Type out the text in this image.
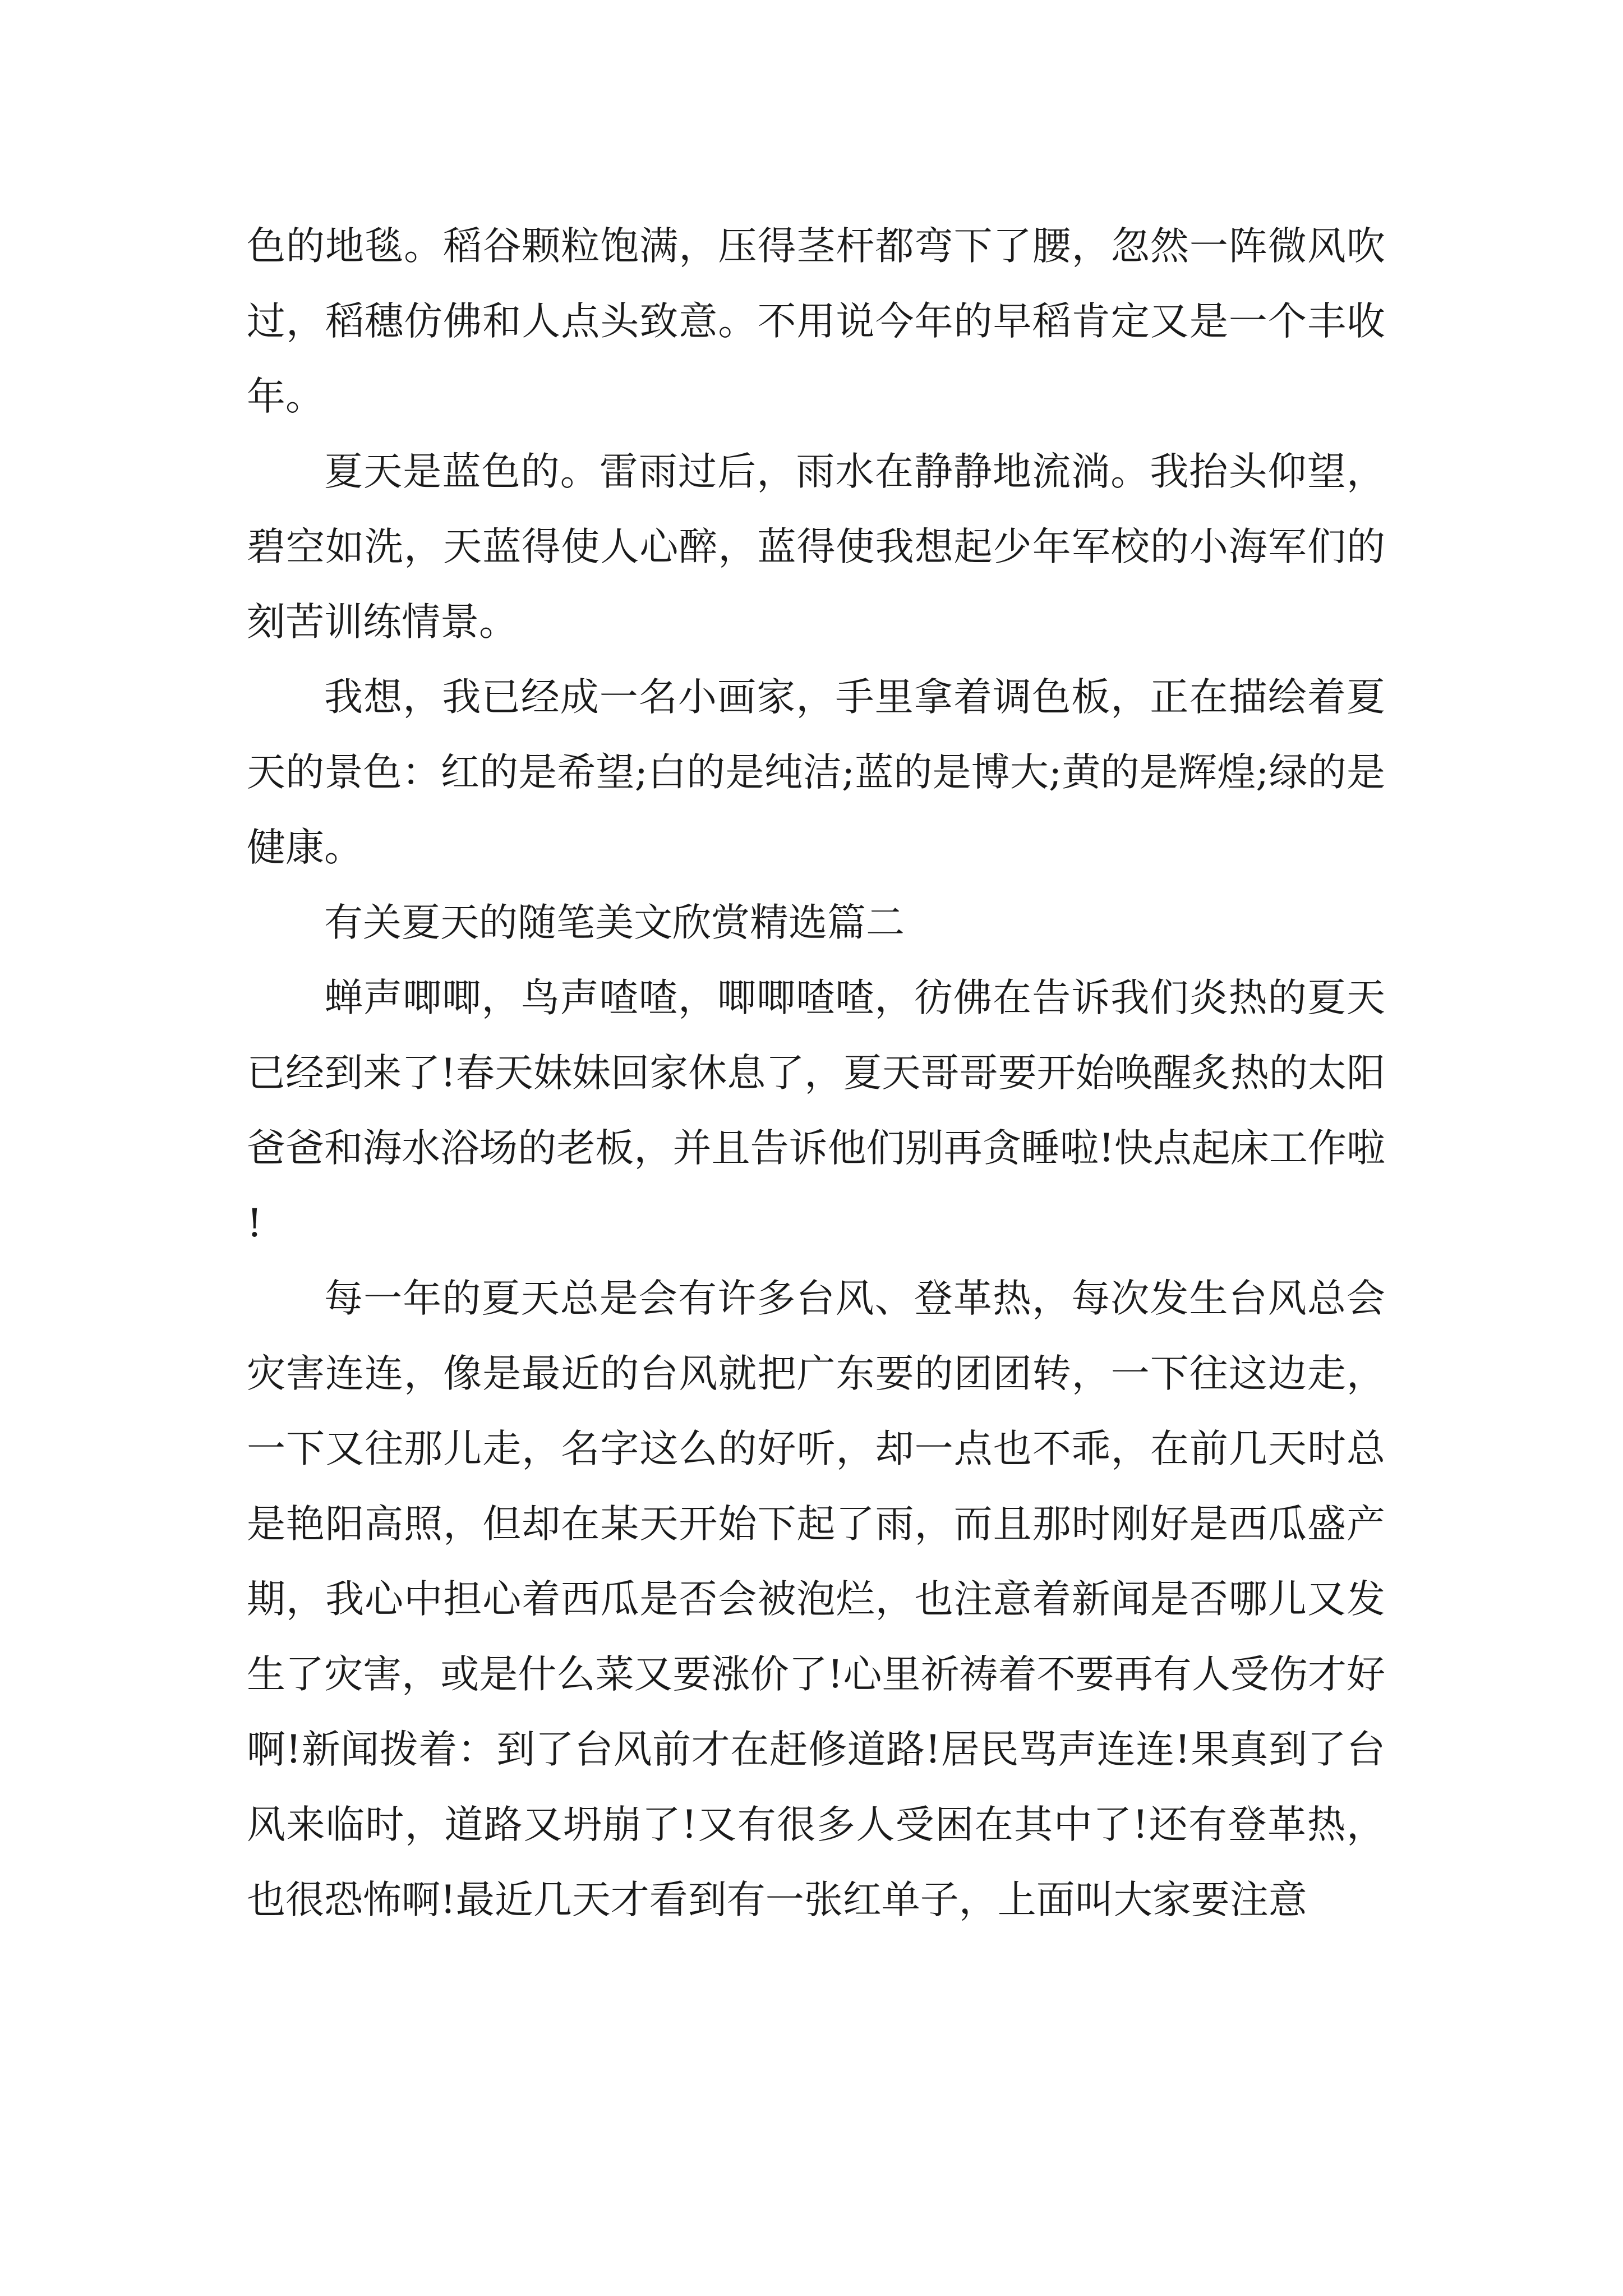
色的地毯。稻谷颗粒饱满，压得茎杆都弯下了腰，忽然一阵微风吹过，稻穗仿佛和人点头致意。不用说今年的早稻肯定又是一个丰收年。

夏天是蓝色的。雷雨过后，雨水在静静地流淌。我抬头仰望，碧空如洗，天蓝得使人心醉，蓝得使我想起少年军校的小海军们的刻苦训练情景。

我想，我已经成一名小画家，手里拿着调色板，正在描绘着夏天的景色：红的是希望;白的是纯洁;蓝的是博大;黄的是辉煌;绿的是健康。

有关夏天的随笔美文欣赏精选篇二

蝉声唧唧，鸟声喳喳，唧唧喳喳，彷佛在告诉我们炎热的夏天已经到来了!春天妹妹回家休息了，夏天哥哥要开始唤醒炙热的太阳爸爸和海水浴场的老板，并且告诉他们别再贪睡啦!快点起床工作啦!

每一年的夏天总是会有许多台风、登革热，每次发生台风总会灾害连连，像是最近的台风就把广东要的团团转，一下往这边走，一下又往那儿走，名字这么的好听，却一点也不乖，在前几天时总是艳阳高照，但却在某天开始下起了雨，而且那时刚好是西瓜盛产期，我心中担心着西瓜是否会被泡烂，也注意着新闻是否哪儿又发生了灾害，或是什么菜又要涨价了!心里祈祷着不要再有人受伤才好啊!新闻拨着：到了台风前才在赶修道路!居民骂声连连!果真到了台风来临时，道路又坍崩了!又有很多人受困在其中了!还有登革热，也很恐怖啊!最近几天才看到有一张红单子，上面叫大家要注意
